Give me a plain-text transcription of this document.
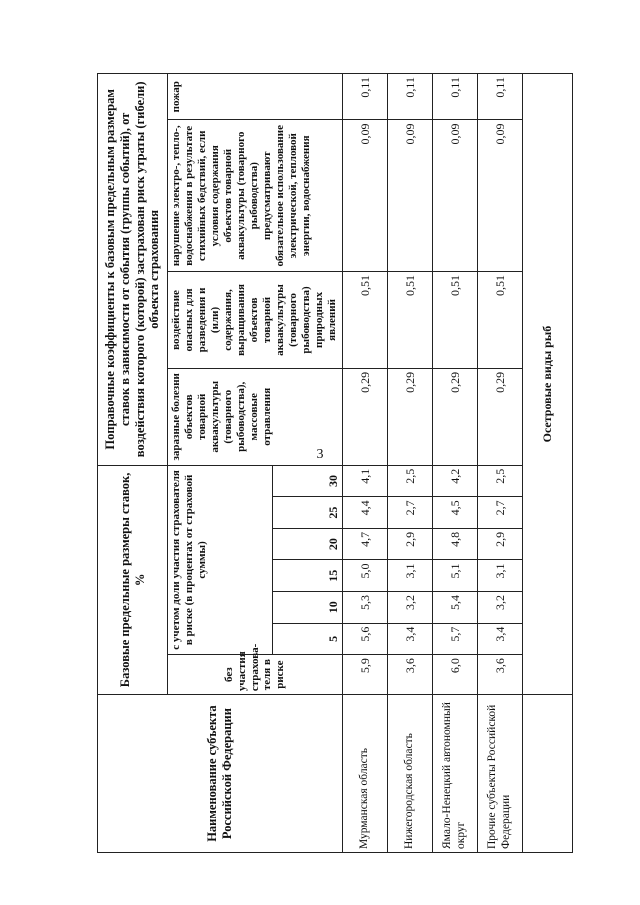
3
Наименование субъекта Российской Федерации	Базовые предельные размеры ставок, %							Поправочные коэффициенты к базовым предельным размерам ставок в зависимости от события (группы событий), от воздействия которого (которой) застрахован риск утраты (гибели) объекта страхования			
	без участия страхова-теля в риске	с учетом доли участия страхователя в риске (в процентах от страховой суммы)						заразные болезни объектов товарной аквакультуры (товарного рыбоводства), массовые отравления	воздействие опасных для разведения и (или) содержания, выращивания объектов товарной аквакультуры (товарного рыбоводства) природных явлений	нарушение электро-, тепло-, водоснабжения в результате стихийных бедствий, если условия содержания объектов товарной аквакультуры (товарного рыбоводства) предусматривают обязательное использование электрической, тепловой энергии, водоснабжения	пожар
		5	10	15	20	25	30				
Мурманская область	5,9	5,6	5,3	5,0	4,7	4,4	4,1	0,29	0,51	0,09	0,11
Нижегородская область	3,6	3,4	3,2	3,1	2,9	2,7	2,5	0,29	0,51	0,09	0,11
Ямало-Ненецкий автономный округ	6,0	5,7	5,4	5,1	4,8	4,5	4,2	0,29	0,51	0,09	0,11
Прочие субъекты Российской Федерации	3,6	3,4	3,2	3,1	2,9	2,7	2,5	0,29	0,51	0,09	0,11
	Осетровые виды рыб										
